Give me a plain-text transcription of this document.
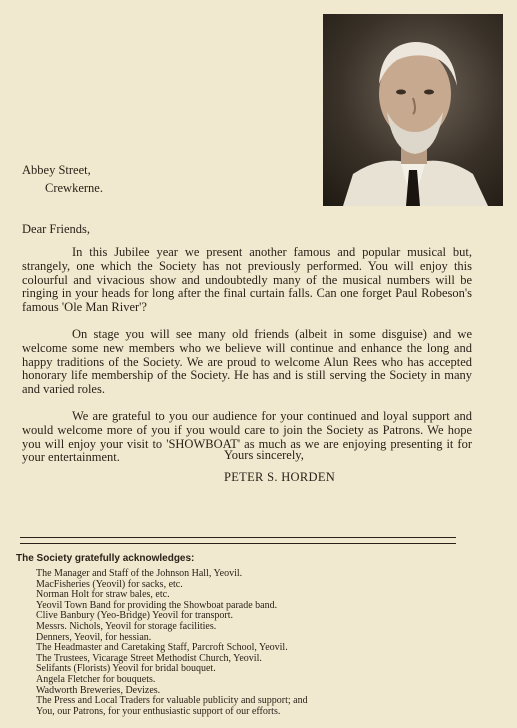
Abbey Street,
Crewkerne.
Dear Friends,

In this Jubilee year we present another famous and popular musical but, strangely, one which the Society has not previously performed. You will enjoy this colourful and vivacious show and undoubtedly many of the musical numbers will be ringing in your heads for long after the final curtain falls. Can one forget Paul Robeson's famous 'Ole Man River'?

On stage you will see many old friends (albeit in some disguise) and we welcome some new members who we believe will continue and enhance the long and happy traditions of the Society. We are proud to welcome Alun Rees who has accepted honorary life membership of the Society. He has and is still serving the Society in many and varied roles.

We are grateful to you our audience for your continued and loyal support and would welcome more of you if you would care to join the Society as Patrons. We hope you will enjoy your visit to 'SHOWBOAT' as much as we are enjoying presenting it for your entertainment.	Yours sincerely,
PETER S. HORDEN
The Society gratefully acknowledges:
The Manager and Staff of the Johnson Hall, Yeovil.
MacFisheries (Yeovil) for sacks, etc.
Norman Holt for straw bales, etc.
Yeovil Town Band for providing the Showboat parade band.
Clive Banbury (Yeo-Bridge) Yeovil for transport.
Messrs. Nichols, Yeovil for storage facilities.
Denners, Yeovil, for hessian.
The Headmaster and Caretaking Staff, Parcroft School, Yeovil.
The Trustees, Vicarage Street Methodist Church, Yeovil.
Selifants (Florists) Yeovil for bridal bouquet.
Angela Fletcher for bouquets.
Wadworth Breweries, Devizes.
The Press and Local Traders for valuable publicity and support; and
You, our Patrons, for your enthusiastic support of our efforts.
